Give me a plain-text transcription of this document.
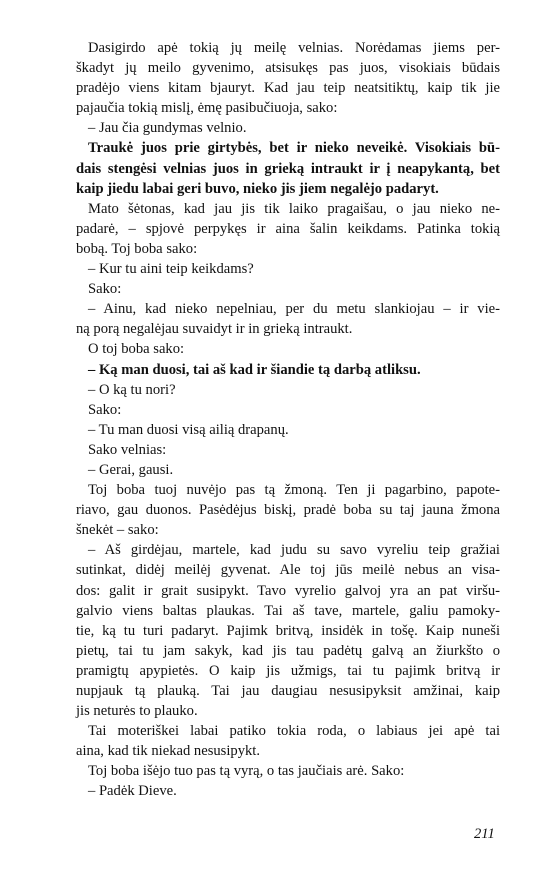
Dasigirdo apė tokią jų meilę velnias. Norėdamas jiems per-
škadyt jų meilo gyvenimo, atsisukęs pas juos, visokiais būdais
pradėjo viens kitam bjauryt. Kad jau teip neatsitiktų, kaip tik jie
pajaučia tokią mislį, ėmę pasibučiuoja, sako:
– Jau čia gundymas velnio.
Traukė juos prie girtybės, bet ir nieko neveikė. Visokiais bū-
dais stengėsi velnias juos in grieką intraukt ir į neapykantą, bet
kaip jiedu labai geri buvo, nieko jis jiem negalėjo padaryt.
Mato šėtonas, kad jau jis tik laiko pragaišau, o jau nieko ne-
padarė, – spjovė perpykęs ir aina šalin keikdams. Patinka tokią
bobą. Toj boba sako:
– Kur tu aini teip keikdams?
Sako:
– Ainu, kad nieko nepelniau, per du metu slankiojau – ir vie-
ną porą negalėjau suvaidyt ir in grieką intraukt.
O toj boba sako:
– Ką man duosi, tai aš kad ir šiandie tą darbą atliksu.
– O ką tu nori?
Sako:
– Tu man duosi visą ailią drapanų.
Sako velnias:
– Gerai, gausi.
Toj boba tuoj nuvėjo pas tą žmoną. Ten ji pagarbino, papote-
riavo, gau duonos. Pasėdėjus biskį, pradė boba su taj jauna žmona
šnekėt – sako:
– Aš girdėjau, martele, kad judu su savo vyreliu teip gražiai
sutinkat, didėj meilėj gyvenat. Ale toj jūs meilė nebus an visa-
dos: galit ir grait susipykt. Tavo vyrelio galvoj yra an pat viršu-
galvio viens baltas plaukas. Tai aš tave, martele, galiu pamoky-
tie, ką tu turi padaryt. Pajimk britvą, insidėk in tošę. Kaip nuneši
pietų, tai tu jam sakyk, kad jis tau padėtų galvą an žiurkšto o
pramigtų apypietės. O kaip jis užmigs, tai tu pajimk britvą ir
nupjauk tą plauką. Tai jau daugiau nesusipyksit amžinai, kaip
jis neturės to plauko.
Tai moteriškei labai patiko tokia roda, o labiaus jei apė tai
aina, kad tik niekad nesusipykt.
Toj boba išėjo tuo pas tą vyrą, o tas jaučiais arė. Sako:
– Padėk Dieve.
211
